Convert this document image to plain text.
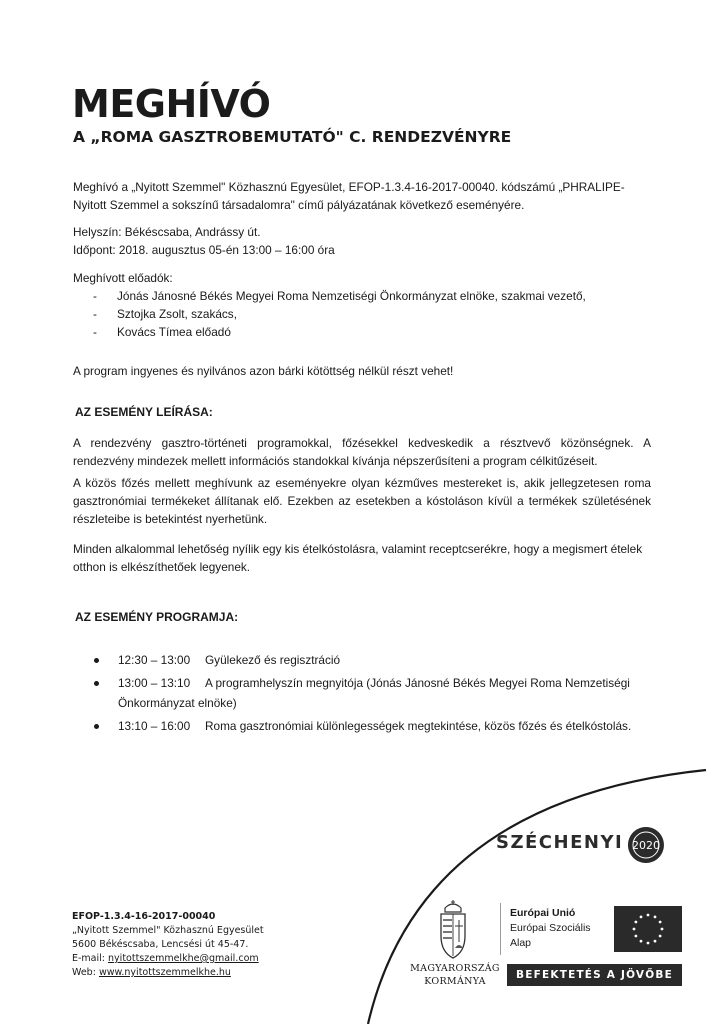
MEGHÍVÓ
A „ROMA GASZTROBEMUTATÓ" C. RENDEZVÉNYRE

Meghívó a „Nyitott Szemmel" Közhasznú Egyesület, EFOP-1.3.4-16-2017-00040. kódszámú „PHRALIPE-Nyitott Szemmel a sokszínű társadalomra" című pályázatának következő eseményére.

Helyszín: Békéscsaba, Andrássy út.

Időpont: 2018. augusztus 05-én 13:00 – 16:00 óra

Meghívott előadók:

- Jónás Jánosné Békés Megyei Roma Nemzetiségi Önkormányzat elnöke, szakmai vezető,
- Sztojka Zsolt, szakács,
- Kovács Tímea előadó

A program ingyenes és nyilvános azon bárki kötöttség nélkül részt vehet!

AZ ESEMÉNY LEÍRÁSA:

A rendezvény gasztro-történeti programokkal, főzésekkel kedveskedik a résztvevő közönségnek. A rendezvény mindezek mellett információs standokkal kívánja népszerűsíteni a program célkitűzéseit.

A közös főzés mellett meghívunk az eseményekre olyan kézműves mestereket is, akik jellegzetesen roma gasztronómiai termékeket állítanak elő. Ezekben az esetekben a kóstoláson kívül a termékek születésének részleteibe is betekintést nyerhetünk.

Minden alkalommal lehetőség nyílik egy kis ételkóstolásra, valamint receptcserékre, hogy a megismert ételek otthon is elkészíthetőek legyenek.

AZ ESEMÉNY PROGRAMJA:
12:30 – 13:00 Gyülekező és regisztráció
13:00 – 13:10 A programhelyszín megnyitója (Jónás Jánosné Békés Megyei Roma Nemzetiségi
Önkormányzat elnöke)
13:10 – 16:00 Roma gasztronómiai különlegességek megtekintése, közös főzés és ételkóstolás.
SZÉCHENYI 2020
EFOP-1.3.4-16-2017-00040
„Nyitott Szemmel" Közhasznú Egyesület
5600 Békéscsaba, Lencsési út 45-47.
E-mail: nyitottszemmelkhe@gmail.com
Web: www.nyitottszemmelkhe.hu	MAGYARORSZÁG
KORMÁNYA
Európai Unió
Európai Szociális
Alap
BEFEKTETÉS A JÖVŐBE
